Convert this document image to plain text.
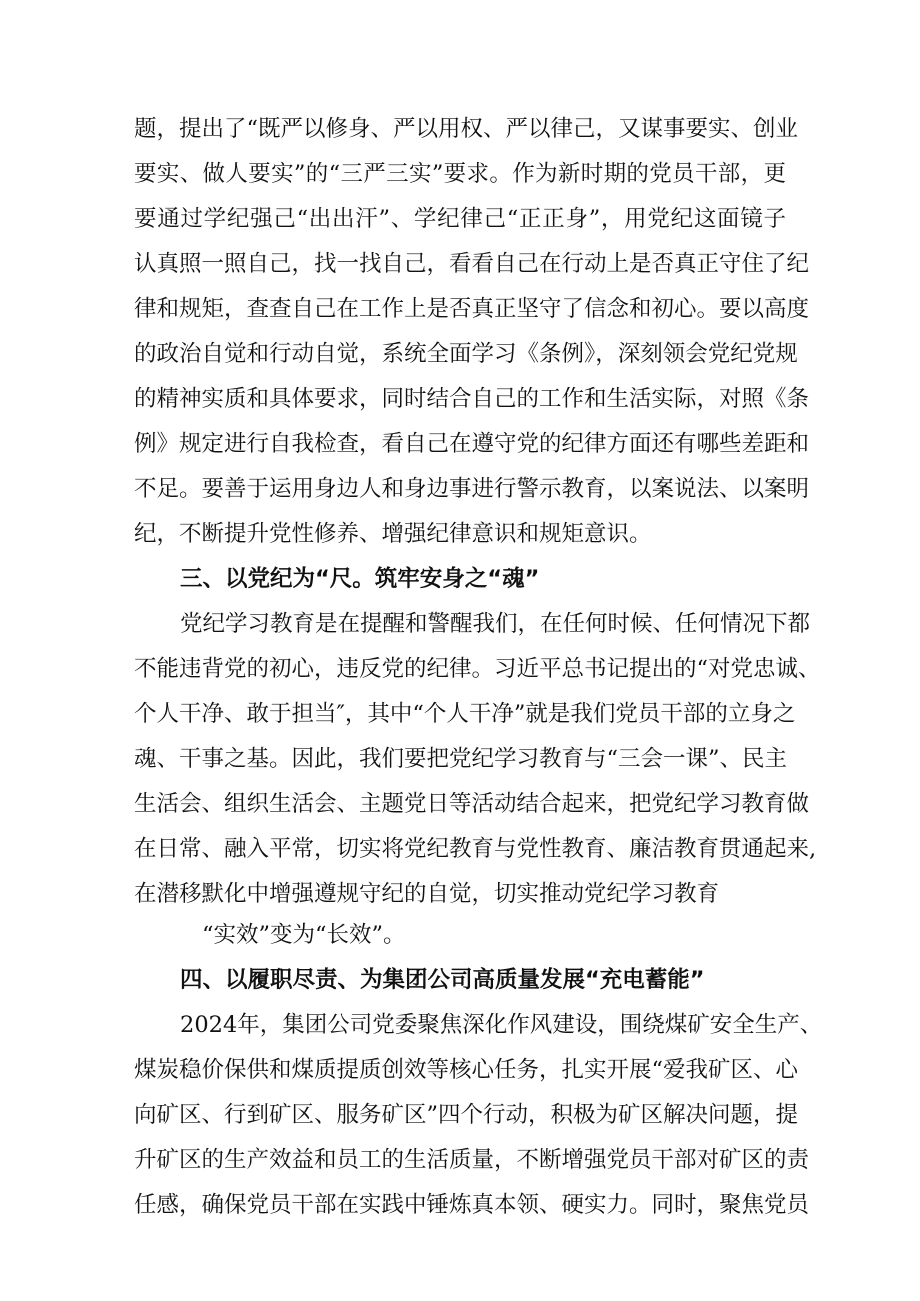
题，提出了“既严以修身、严以用权、严以律己，又谋事要实、创业
要实、做人要实”的“三严三实”要求。作为新时期的党员干部，更
要通过学纪强己“出出汗”、学纪律己“正正身”，用党纪这面镜子
认真照一照自己，找一找自己，看看自己在行动上是否真正守住了纪
律和规矩，查查自己在工作上是否真正坚守了信念和初心。要以高度
的政治自觉和行动自觉，系统全面学习《条例》，深刻领会党纪党规
的精神实质和具体要求，同时结合自己的工作和生活实际，对照《条
例》规定进行自我检查，看自己在遵守党的纪律方面还有哪些差距和
不足。要善于运用身边人和身边事进行警示教育，以案说法、以案明
纪，不断提升党性修养、增强纪律意识和规矩意识。
三、以党纪为“尺。筑牢安身之“魂”
党纪学习教育是在提醒和警醒我们，在任何时候、任何情况下都
不能违背党的初心，违反党的纪律。习近平总书记提出的“对党忠诚、
个人干净、敢于担当″，其中“个人干净”就是我们党员干部的立身之
魂、干事之基。因此，我们要把党纪学习教育与“三会一课”、民主
生活会、组织生活会、主题党日等活动结合起来，把党纪学习教育做
在日常、融入平常，切实将党纪教育与党性教育、廉洁教育贯通起来,
在潜移默化中增强遵规守纪的自觉，切实推动党纪学习教育
“实效”变为“长效”。
四、以履职尽责、为集团公司高质量发展“充电蓄能”
2024年，集团公司党委聚焦深化作风建设，围绕煤矿安全生产、
煤炭稳价保供和煤质提质创效等核心任务，扎实开展“爱我矿区、心
向矿区、行到矿区、服务矿区”四个行动，积极为矿区解决问题，提
升矿区的生产效益和员工的生活质量，不断增强党员干部对矿区的责
任感，确保党员干部在实践中锤炼真本领、硬实力。同时，聚焦党员
